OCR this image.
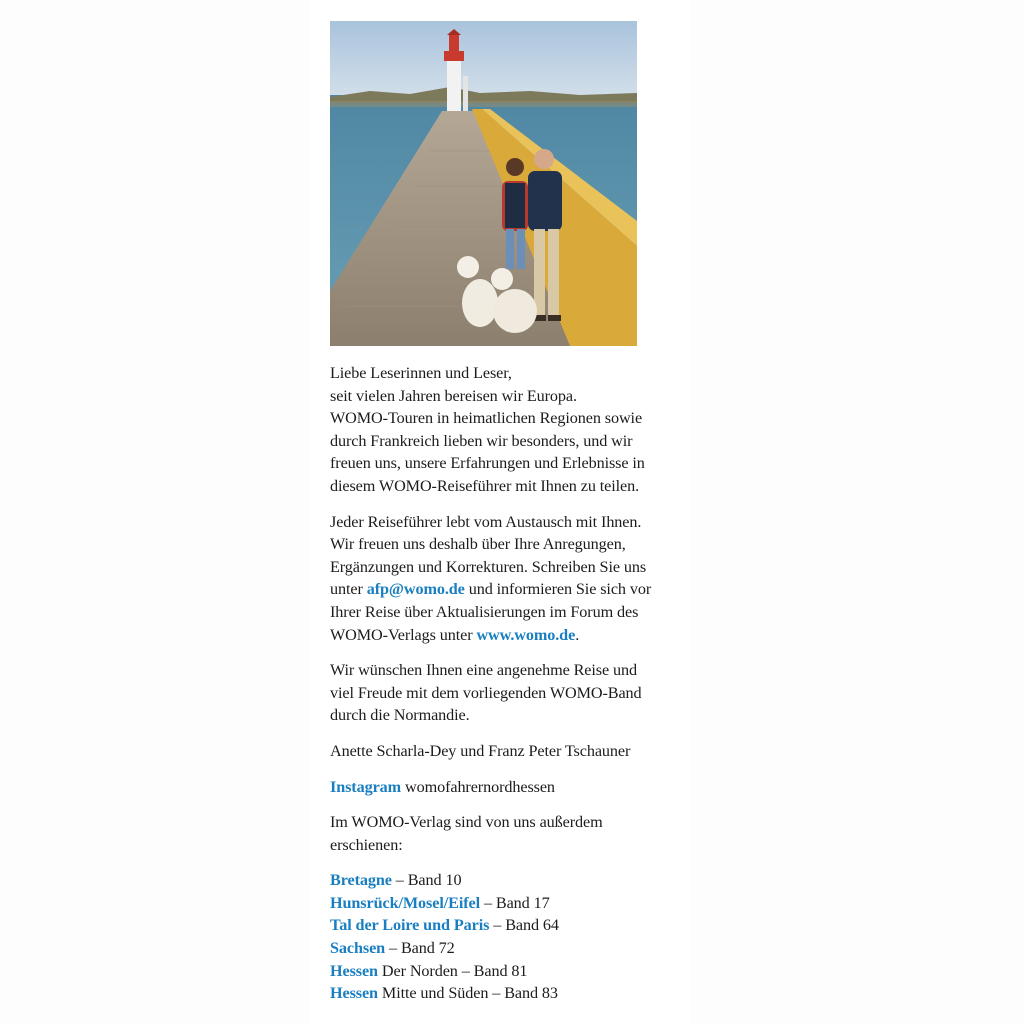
Liebe Leserinnen und Leser,
seit vielen Jahren bereisen wir Europa.
WOMO-Touren in heimatlichen Regionen sowie
durch Frankreich lieben wir besonders, und wir
freuen uns, unsere Erfahrungen und Erlebnisse in
diesem WOMO-Reiseführer mit Ihnen zu teilen.

Jeder Reiseführer lebt vom Austausch mit Ihnen.
Wir freuen uns deshalb über Ihre Anregungen,
Ergänzungen und Korrekturen. Schreiben Sie uns
unter afp@womo.de und informieren Sie sich vor
Ihrer Reise über Aktualisierungen im Forum des
WOMO-Verlags unter www.womo.de.

Wir wünschen Ihnen eine angenehme Reise und
viel Freude mit dem vorliegenden WOMO-Band
durch die Normandie.

Anette Scharla-Dey und Franz Peter Tschauner

Instagram womofahrernordhessen

Im WOMO-Verlag sind von uns außerdem
erschienen:

Bretagne – Band 10
Hunsrück/Mosel/Eifel – Band 17
Tal der Loire und Paris – Band 64
Sachsen – Band 72
Hessen Der Norden – Band 81
Hessen Mitte und Süden – Band 83
